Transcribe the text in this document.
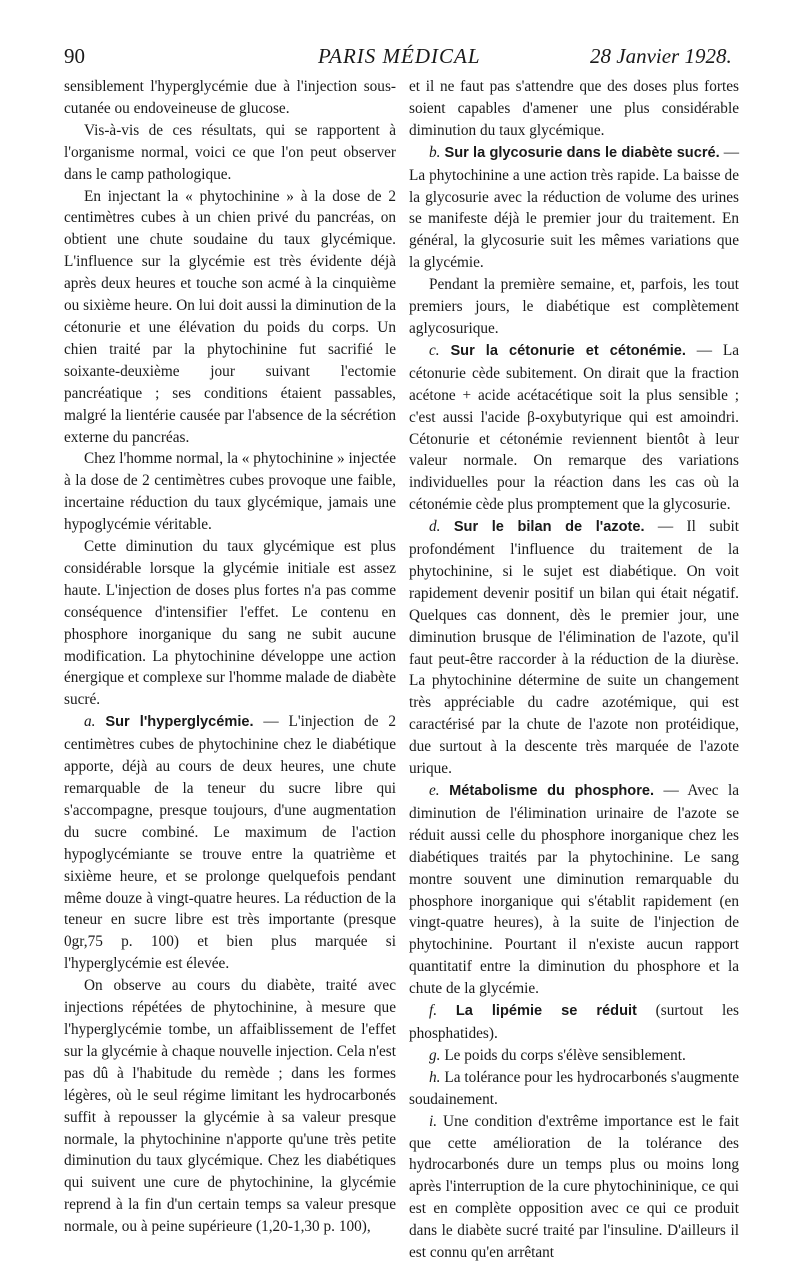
90	PARIS MÉDICAL	28 Janvier 1928.

sensiblement l'hyperglycémie due à l'injection sous-cutanée ou endoveineuse de glucose.

Vis-à-vis de ces résultats, qui se rapportent à l'organisme normal, voici ce que l'on peut observer dans le camp pathologique.

En injectant la « phytochinine » à la dose de 2 centimètres cubes à un chien privé du pancréas, on obtient une chute soudaine du taux glycémique. L'influence sur la glycémie est très évidente déjà après deux heures et touche son acmé à la cinquième ou sixième heure. On lui doit aussi la diminution de la cétonurie et une élévation du poids du corps. Un chien traité par la phytochinine fut sacrifié le soixante-deuxième jour suivant l'ectomie pancréatique ; ses conditions étaient passables, malgré la lientérie causée par l'absence de la sécrétion externe du pancréas.

Chez l'homme normal, la « phytochinine » injectée à la dose de 2 centimètres cubes provoque une faible, incertaine réduction du taux glycémique, jamais une hypoglycémie véritable.

Cette diminution du taux glycémique est plus considérable lorsque la glycémie initiale est assez haute. L'injection de doses plus fortes n'a pas comme conséquence d'intensifier l'effet. Le contenu en phosphore inorganique du sang ne subit aucune modification. La phytochinine développe une action énergique et complexe sur l'homme malade de diabète sucré.

a. Sur l'hyperglycémie. — L'injection de 2 centimètres cubes de phytochinine chez le diabétique apporte, déjà au cours de deux heures, une chute remarquable de la teneur du sucre libre qui s'accompagne, presque toujours, d'une augmentation du sucre combiné. Le maximum de l'action hypoglycémiante se trouve entre la quatrième et sixième heure, et se prolonge quelquefois pendant même douze à vingt-quatre heures. La réduction de la teneur en sucre libre est très importante (presque 0gr,75 p. 100) et bien plus marquée si l'hyperglycémie est élevée.

On observe au cours du diabète, traité avec injections répétées de phytochinine, à mesure que l'hyperglycémie tombe, un affaiblissement de l'effet sur la glycémie à chaque nouvelle injection. Cela n'est pas dû à l'habitude du remède ; dans les formes légères, où le seul régime limitant les hydrocarbonés suffit à repousser la glycémie à sa valeur presque normale, la phytochinine n'apporte qu'une très petite diminution du taux glycémique. Chez les diabétiques qui suivent une cure de phytochinine, la glycémie reprend à la fin d'un certain temps sa valeur presque normale, ou à peine supérieure (1,20-1,30 p. 100),

et il ne faut pas s'attendre que des doses plus fortes soient capables d'amener une plus considérable diminution du taux glycémique.

b. Sur la glycosurie dans le diabète sucré. — La phytochinine a une action très rapide. La baisse de la glycosurie avec la réduction de volume des urines se manifeste déjà le premier jour du traitement. En général, la glycosurie suit les mêmes variations que la glycémie.

Pendant la première semaine, et, parfois, les tout premiers jours, le diabétique est complètement aglycosurique.

c. Sur la cétonurie et cétonémie. — La cétonurie cède subitement. On dirait que la fraction acétone + acide acétacétique soit la plus sensible ; c'est aussi l'acide β-oxybutyrique qui est amoindri. Cétonurie et cétonémie reviennent bientôt à leur valeur normale. On remarque des variations individuelles pour la réaction dans les cas où la cétonémie cède plus promptement que la glycosurie.

d. Sur le bilan de l'azote. — Il subit profondément l'influence du traitement de la phytochinine, si le sujet est diabétique. On voit rapidement devenir positif un bilan qui était négatif. Quelques cas donnent, dès le premier jour, une diminution brusque de l'élimination de l'azote, qu'il faut peut-être raccorder à la réduction de la diurèse. La phytochinine détermine de suite un changement très appréciable du cadre azotémique, qui est caractérisé par la chute de l'azote non protéidique, due surtout à la descente très marquée de l'azote urique.

e. Métabolisme du phosphore. — Avec la diminution de l'élimination urinaire de l'azote se réduit aussi celle du phosphore inorganique chez les diabétiques traités par la phytochinine. Le sang montre souvent une diminution remarquable du phosphore inorganique qui s'établit rapidement (en vingt-quatre heures), à la suite de l'injection de phytochinine. Pourtant il n'existe aucun rapport quantitatif entre la diminution du phosphore et la chute de la glycémie.

f. La lipémie se réduit (surtout les phosphatides).

g. Le poids du corps s'élève sensiblement.

h. La tolérance pour les hydrocarbonés s'augmente soudainement.

i. Une condition d'extrême importance est le fait que cette amélioration de la tolérance des hydrocarbonés dure un temps plus ou moins long après l'interruption de la cure phytochininique, ce qui est en complète opposition avec ce qui ce produit dans le diabète sucré traité par l'insuline. D'ailleurs il est connu qu'en arrêtant
